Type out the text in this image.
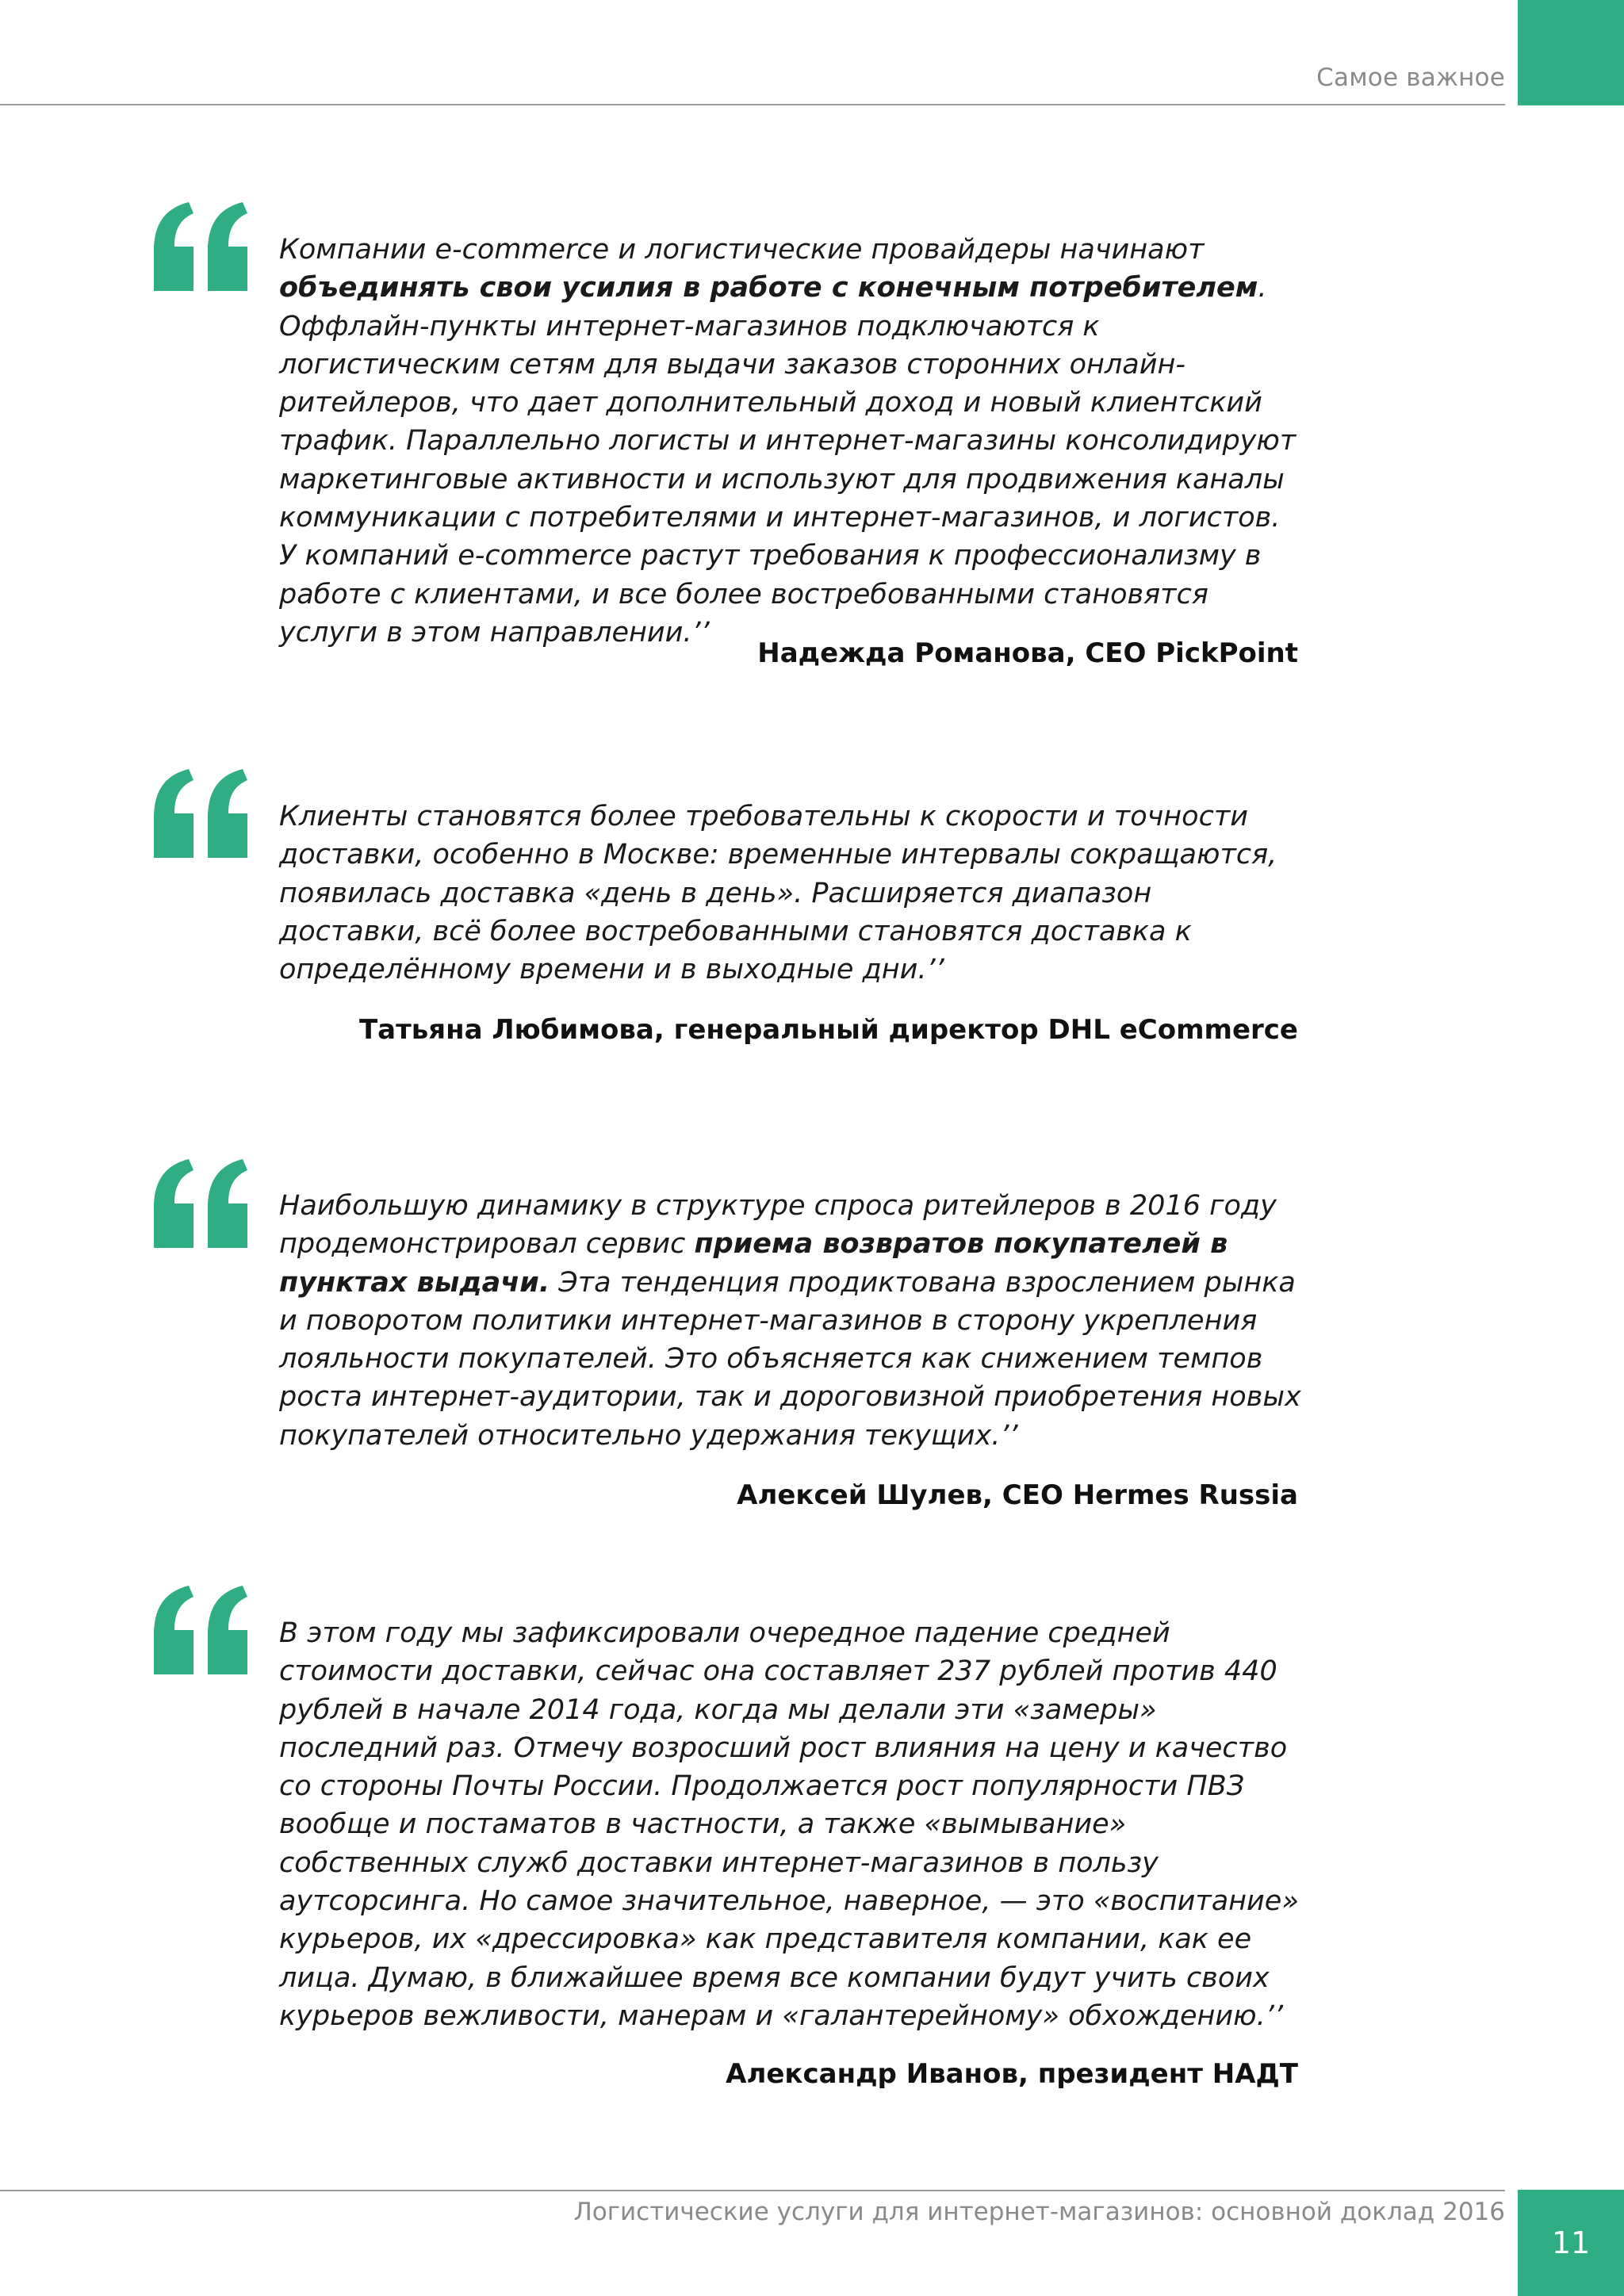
Самое важное

Компании e-commerce и логистические провайдеры начинают объединять свои усилия в работе с конечным потребителем. Оффлайн-пункты интернет-магазинов подключаются к логистическим сетям для выдачи заказов сторонних онлайн-ритейлеров, что дает дополнительный доход и новый клиентский трафик. Параллельно логисты и интернет-магазины консолидируют маркетинговые активности и используют для продвижения каналы коммуникации с потребителями и интернет-магазинов, и логистов. У компаний e-commerce растут требования к профессионализму в работе с клиентами, и все более востребованными становятся услуги в этом направлении.’’

Надежда Романова, CEO PickPoint

Клиенты становятся более требовательны к скорости и точности доставки, особенно в Москве: временные интервалы сокращаются, появилась доставка «день в день». Расширяется диапазон доставки, всё более востребованными становятся доставка к определённому времени и в выходные дни.’’

Татьяна Любимова, генеральный директор DHL eCommerce

Наибольшую динамику в структуре спроса ритейлеров в 2016 году продемонстрировал сервис приема возвратов покупателей в пунктах выдачи. Эта тенденция продиктована взрослением рынка и поворотом политики интернет-магазинов в сторону укрепления лояльности покупателей. Это объясняется как снижением темпов роста интернет-аудитории, так и дороговизной приобретения новых покупателей относительно удержания текущих.’’

Алексей Шулев, CEO Hermes Russia

В этом году мы зафиксировали очередное падение средней стоимости доставки, сейчас она составляет 237 рублей против 440 рублей в начале 2014 года, когда мы делали эти «замеры» последний раз. Отмечу возросший рост влияния на цену и качество со стороны Почты России. Продолжается рост популярности ПВЗ вообще и постаматов в частности, а также «вымывание» собственных служб доставки интернет-магазинов в пользу аутсорсинга. Но самое значительное, наверное, — это «воспитание» курьеров, их «дрессировка» как представителя компании, как ее лица. Думаю, в ближайшее время все компании будут учить своих курьеров вежливости, манерам и «галантерейному» обхождению.’’

Александр Иванов, президент НАДТ
Логистические услуги для интернет-магазинов: основной доклад 2016
11
